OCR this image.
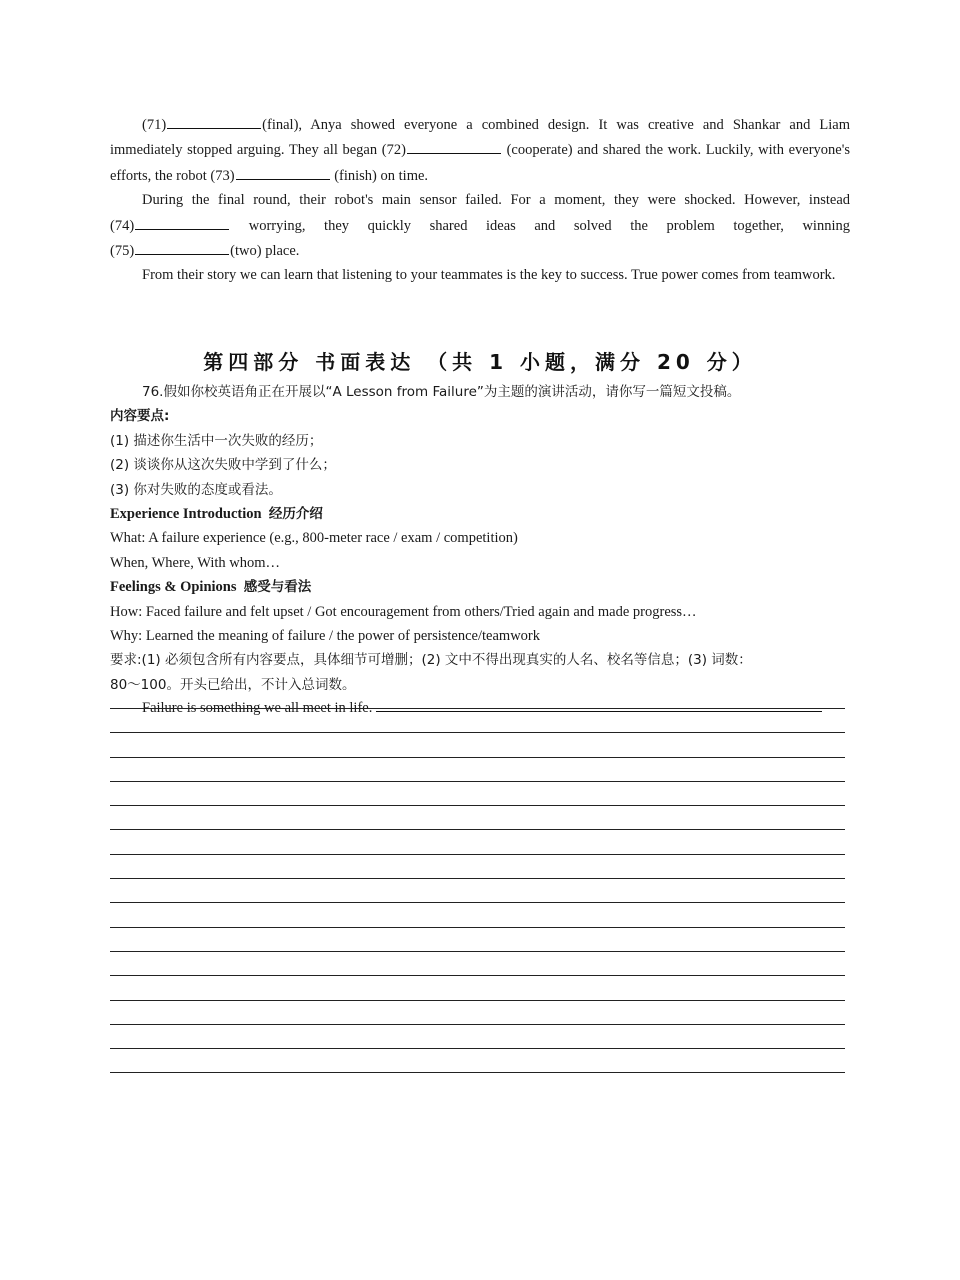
(71)	(final), Anya showed everyone a combined design. It was creative and Shankar and Liam immediately stopped arguing. They all began (72)	(cooperate) and shared the work. Luckily, with everyone's efforts, the robot (73)	(finish) on time.

During the final round, their robot's main sensor failed. For a moment, they were shocked. However, instead

(74)	worrying, they quickly shared ideas and solved the problem together, winning

(75)	(two) place.

From their story we can learn that listening to your teammates is the key to success. True power comes from teamwork.

第四部分 书面表达 （共 1 小题，满分 20 分）

76.假如你校英语角正在开展以“A Lesson from Failure”为主题的演讲活动，请你写一篇短文投稿。

内容要点:

(1) 描述你生活中一次失败的经历；

(2) 谈谈你从这次失败中学到了什么；

(3) 你对失败的态度或看法。

Experience Introduction 经历介绍

What: A failure experience (e.g., 800-meter race / exam / competition)

When, Where, With whom…

Feelings & Opinions 感受与看法

How: Faced failure and felt upset / Got encouragement from others/Tried again and made progress…

Why: Learned the meaning of failure / the power of persistence/teamwork

要求:(1) 必须包含所有内容要点，具体细节可增删；(2) 文中不得出现真实的人名、校名等信息；(3) 词数：

80～100。开头已给出，不计入总词数。

Failure is something we all meet in life.
